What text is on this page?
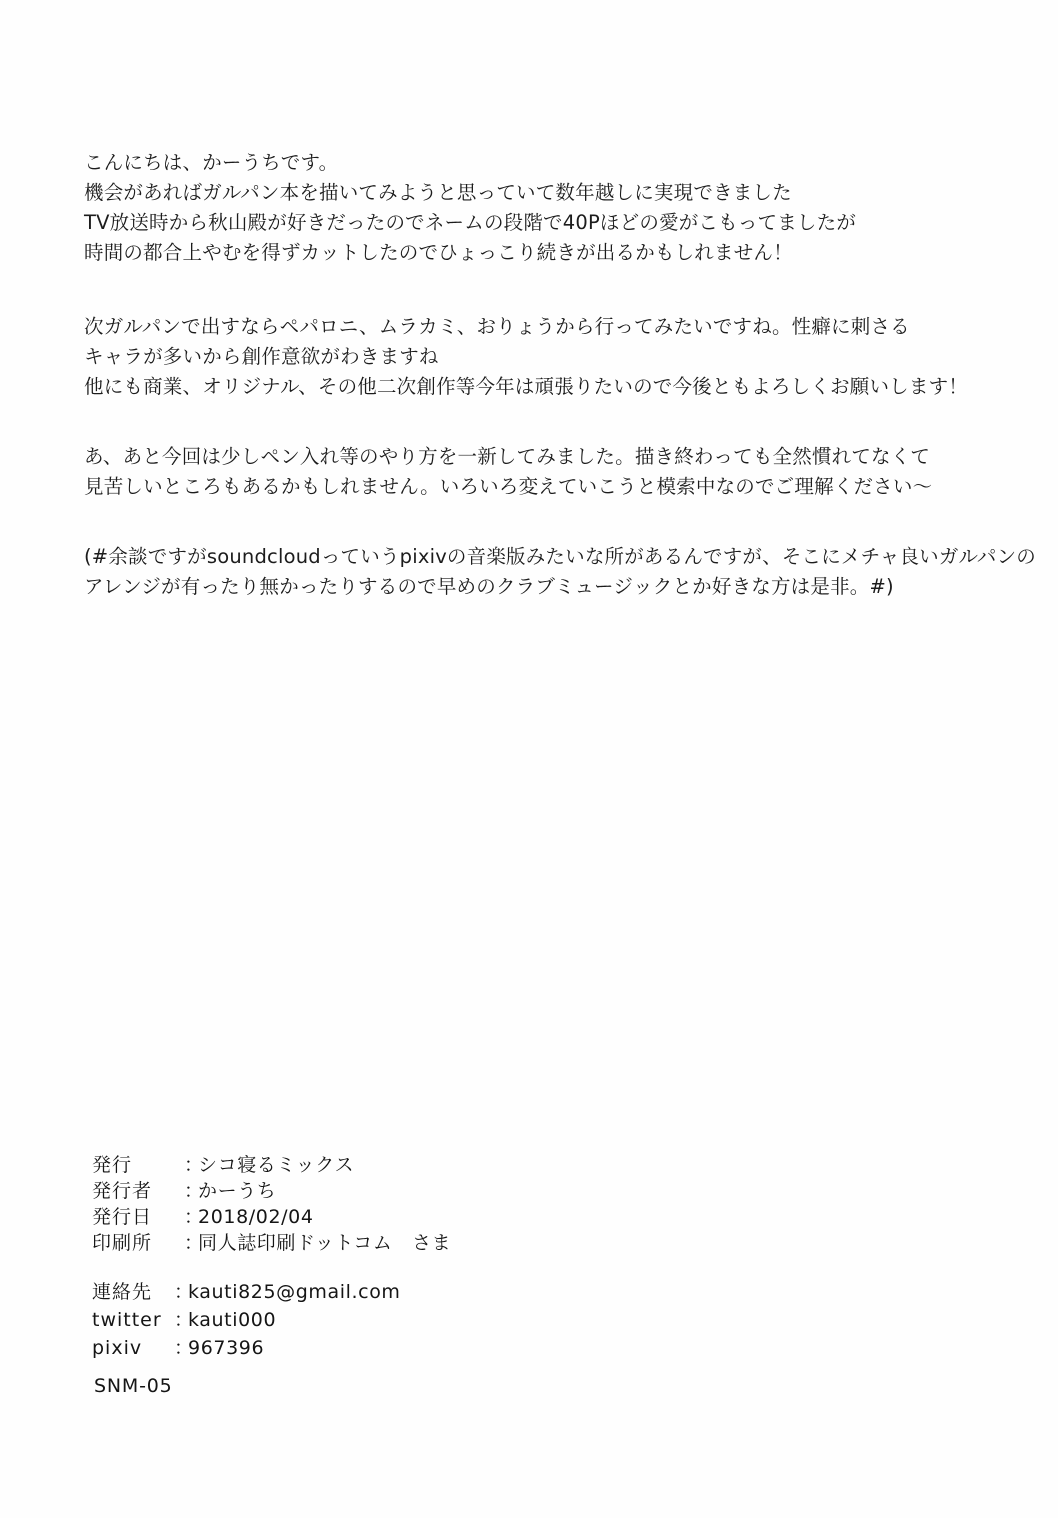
こんにちは、かーうちです。
機会があればガルパン本を描いてみようと思っていて数年越しに実現できました
TV放送時から秋山殿が好きだったのでネームの段階で40Pほどの愛がこもってましたが
時間の都合上やむを得ずカットしたのでひょっこり続きが出るかもしれません！
次ガルパンで出すならペパロニ、ムラカミ、おりょうから行ってみたいですね。性癖に刺さる
キャラが多いから創作意欲がわきますね
他にも商業、オリジナル、その他二次創作等今年は頑張りたいので今後ともよろしくお願いします！
あ、あと今回は少しペン入れ等のやり方を一新してみました。描き終わっても全然慣れてなくて
見苦しいところもあるかもしれません。いろいろ変えていこうと模索中なのでご理解ください〜
(#余談ですがsoundcloudっていうpixivの音楽版みたいな所があるんですが、そこにメチャ良いガルパンの
アレンジが有ったり無かったりするので早めのクラブミュージックとか好きな方は是非。#)
発行	：
シコ寝るミックス
発行者	：
かーうち
発行日	：
2018/02/04
印刷所	：
同人誌印刷ドットコム　さま
連絡先	：
kauti825@gmail.com
twitter ：
kauti000
pixiv	：
967396
SNM-05
